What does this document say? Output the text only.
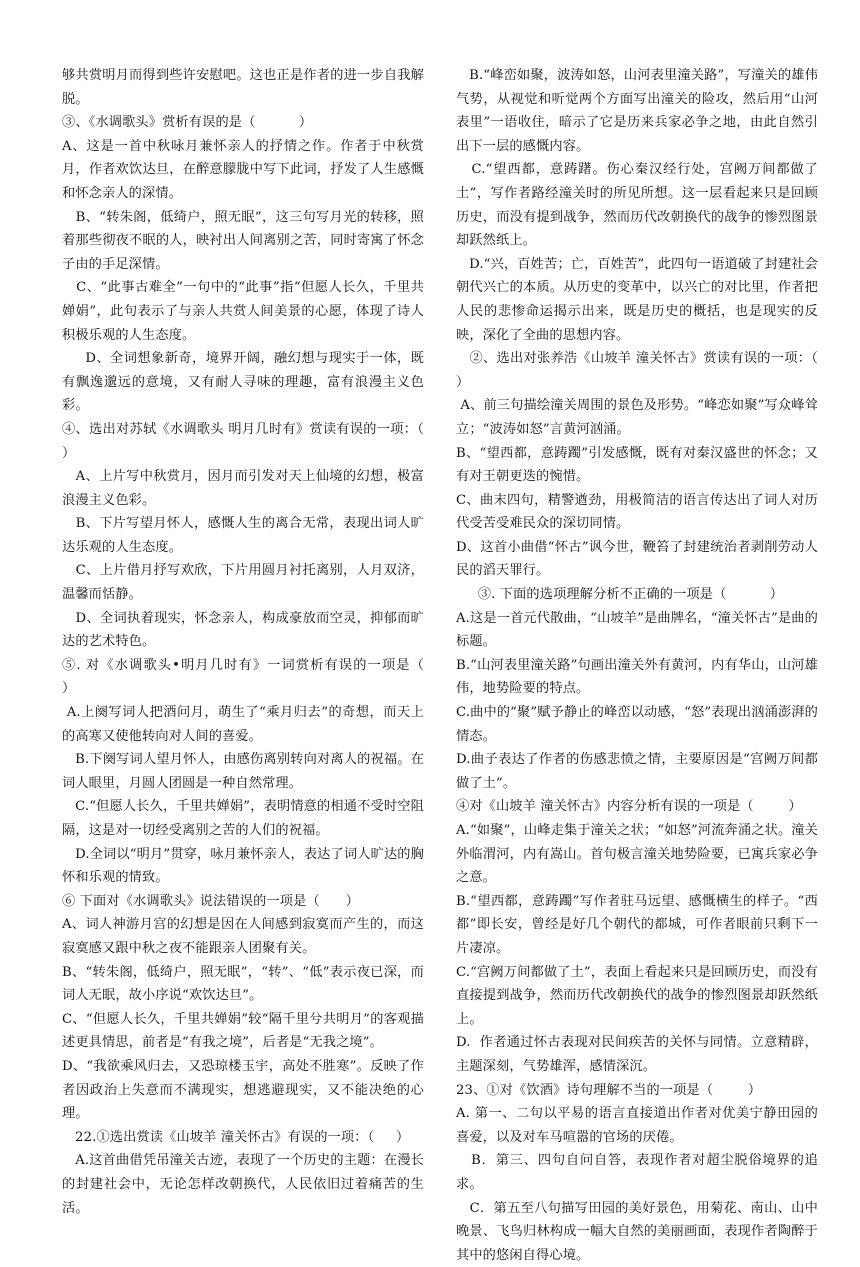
够共赏明月而得到些许安慰吧。这也正是作者的进一步自我解脱。

③、《水调歌头》赏析有误的是（          ）

A、这是一首中秋咏月兼怀亲人的抒情之作。作者于中秋赏月，作者欢饮达旦，在醉意朦胧中写下此词，抒发了人生感慨和怀念亲人的深情。

B、“转朱阁，低绮户，照无眠”，这三句写月光的转移，照着那些彻夜不眠的人，映衬出人间离别之苦，同时寄寓了怀念子由的手足深情。

C、“此事古难全”一句中的“此事”指“但愿人长久，千里共婵娟”，此句表示了与亲人共赏人间美景的心愿，体现了诗人积极乐观的人生态度。

D、全词想象新奇，境界开阔，融幻想与现实于一体，既有飘逸邈远的意境，又有耐人寻味的理趣，富有浪漫主义色彩。

④、选出对苏轼《水调歌头 明月几时有》赏读有误的一项：（     ）

A、上片写中秋赏月，因月而引发对天上仙境的幻想，极富浪漫主义色彩。

B、下片写望月怀人，感慨人生的离合无常，表现出词人旷达乐观的人生态度。

C、上片借月抒写欢欣，下片用圆月衬托离别，人月双济，温馨而恬静。

D、全词执着现实，怀念亲人，构成豪放而空灵，抑郁而旷达的艺术特色。

⑤. 对《水调歌头•明月几时有》一词赏析有误的一项是（     ）

A.上阕写词人把酒问月，萌生了“乘月归去”的奇想，而天上的高寒又使他转向对人间的喜爱。

B.下阕写词人望月怀人，由感伤离别转向对离人的祝福。在词人眼里，月圆人团圆是一种自然常理。

C.“但愿人长久，千里共婵娟”，表明情意的相通不受时空阻隔，这是对一切经受离别之苦的人们的祝福。

D.全词以“明月”贯穿，咏月兼怀亲人，表达了词人旷达的胸怀和乐观的情致。

⑥ 下面对《水调歌头》说法错误的一项是（      ）

A、词人神游月宫的幻想是因在人间感到寂寞而产生的，而这寂寞感又跟中秋之夜不能跟亲人团聚有关。

B、“转朱阁，低绮户，照无眠”，“转”、“低”表示夜已深，而词人无眠，故小序说“欢饮达旦”。

C、“但愿人长久，千里共婵娟”较“隔千里兮共明月”的客观描述更具情思，前者是“有我之境”，后者是“无我之境”。

D、“我欲乘风归去，又恐琼楼玉宇，高处不胜寒”。反映了作者因政治上失意而不满现实，想逃避现实，又不能决绝的心理。

22.①选出赏读《山坡羊 潼关怀古》有误的一项：（     ）

A.这首曲借凭吊潼关古迹，表现了一个历史的主题：在漫长的封建社会中，无论怎样改朝换代，人民依旧过着痛苦的生活。

B.“峰峦如聚，波涛如怒，山河表里潼关路”，写潼关的雄伟气势，从视觉和听觉两个方面写出潼关的险攻，然后用“山河表里”一语收住，暗示了它是历来兵家必争之地，由此自然引出下一层的感慨内容。

C.“望西都，意踌躇。伤心秦汉经行处，宫阙万间都做了土”，写作者路经潼关时的所见所想。这一层看起来只是回顾历史，而没有提到战争，然而历代改朝换代的战争的惨烈图景却跃然纸上。

D.“兴，百姓苦；亡，百姓苦”，此四句一语道破了封建社会朝代兴亡的本质。从历史的变革中，以兴亡的对比里，作者把人民的悲惨命运揭示出来，既是历史的概括，也是现实的反映，深化了全曲的思想内容。

②、选出对张养浩《山坡羊 潼关怀古》赏读有误的一项：（     ）

A、前三句描绘潼关周围的景色及形势。“峰恋如聚”写众峰耸立；“波涛如怒”言黄河汹涌。

B、“望西都，意踌躅”引发感慨，既有对秦汉盛世的怀念；又有对王朝更迭的惋惜。

C、曲末四句，精警遒劲，用极简洁的语言传达出了词人对历代受苦受难民众的深切同情。

D、这首小曲借“怀古”讽今世，鞭笞了封建统治者剥削劳动人民的滔天罪行。

③. 下面的选项理解分析不正确的一项是（          ）

A.这是一首元代散曲，“山坡羊”是曲牌名，“潼关怀古”是曲的标题。

B.“山河表里潼关路”句画出潼关外有黄河，内有华山，山河雄伟，地势险要的特点。

C.曲中的“聚”赋予静止的峰峦以动感，“怒”表现出汹涌澎湃的情态。

D.曲子表达了作者的伤感悲愤之情，主要原因是“宫阙万间都做了土”。

④对《山坡羊 潼关怀古》内容分析有误的一项是（        ）

A.“如聚”，山峰走集于潼关之状；“如怒”河流奔涌之状。潼关外临渭河，内有嵩山。首句极言潼关地势险要，已寓兵家必争之意。

B.“望西都，意踌躅”写作者驻马远望、感慨横生的样子。“西都”即长安，曾经是好几个朝代的都城，可作者眼前只剩下一片凄凉。

C.“宫阙万间都做了土”，表面上看起来只是回顾历史，而没有直接提到战争，然而历代改朝换代的战争的惨烈图景却跃然纸上。

D.  作者通过怀古表现对民间疾苦的关怀与同情。立意精辟，主题深刻，气势雄浑，感情深沉。

23、①对《饮酒》诗句理解不当的一项是（        ）

A. 第一、二句以平易的语言直接道出作者对优美宁静田园的喜爱，以及对车马喧嚣的官场的厌倦。

B．第三、四句自问自答，表现作者对超尘脱俗境界的追求。

C．第五至八句描写田园的美好景色，用菊花、南山、山中晚景、飞鸟归林构成一幅大自然的美丽画面，表现作者陶醉于其中的悠闲自得心境。
